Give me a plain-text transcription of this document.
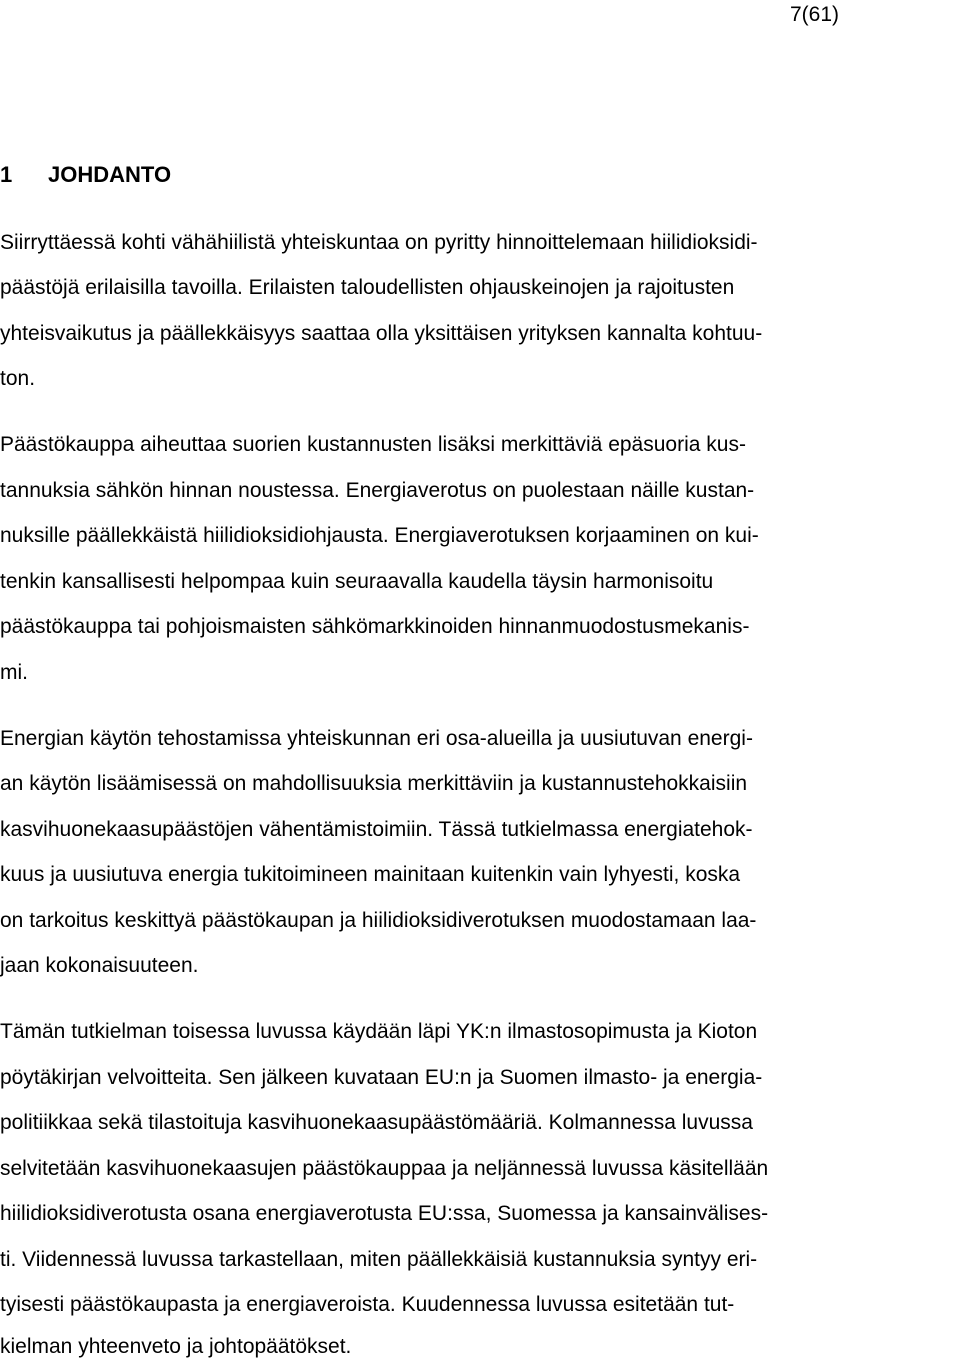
7(61)
1 JOHDANTO

Siirryttäessä kohti vähähiilistä yhteiskuntaa on pyritty hinnoittelemaan hiilidioksidi-

päästöjä erilaisilla tavoilla. Erilaisten taloudellisten ohjauskeinojen ja rajoitusten

yhteisvaikutus ja päällekkäisyys saattaa olla yksittäisen yrityksen kannalta kohtuu-

ton.

Päästökauppa aiheuttaa suorien kustannusten lisäksi merkittäviä epäsuoria kus-

tannuksia sähkön hinnan noustessa. Energiaverotus on puolestaan näille kustan-

nuksille päällekkäistä hiilidioksidiohjausta. Energiaverotuksen korjaaminen on kui-

tenkin kansallisesti helpompaa kuin seuraavalla kaudella täysin harmonisoitu

päästökauppa tai pohjoismaisten sähkömarkkinoiden hinnanmuodostusmekanis-

mi.

Energian käytön tehostamissa yhteiskunnan eri osa-alueilla ja uusiutuvan energi-

an käytön lisäämisessä on mahdollisuuksia merkittäviin ja kustannustehokkaisiin

kasvihuonekaasupäästöjen vähentämistoimiin. Tässä tutkielmassa energiatehok-

kuus ja uusiutuva energia tukitoimineen mainitaan kuitenkin vain lyhyesti, koska

on tarkoitus keskittyä päästökaupan ja hiilidioksidiverotuksen muodostamaan laa-

jaan kokonaisuuteen.

Tämän tutkielman toisessa luvussa käydään läpi YK:n ilmastosopimusta ja Kioton

pöytäkirjan velvoitteita. Sen jälkeen kuvataan EU:n ja Suomen ilmasto- ja energia-

politiikkaa sekä tilastoituja kasvihuonekaasupäästömääriä. Kolmannessa luvussa

selvitetään kasvihuonekaasujen päästökauppaa ja neljännessä luvussa käsitellään

hiilidioksidiverotusta osana energiaverotusta EU:ssa, Suomessa ja kansainvälises-

ti. Viidennessä luvussa tarkastellaan, miten päällekkäisiä kustannuksia syntyy eri-

tyisesti päästökaupasta ja energiaveroista. Kuudennessa luvussa esitetään tut-

kielman yhteenveto ja johtopäätökset.
